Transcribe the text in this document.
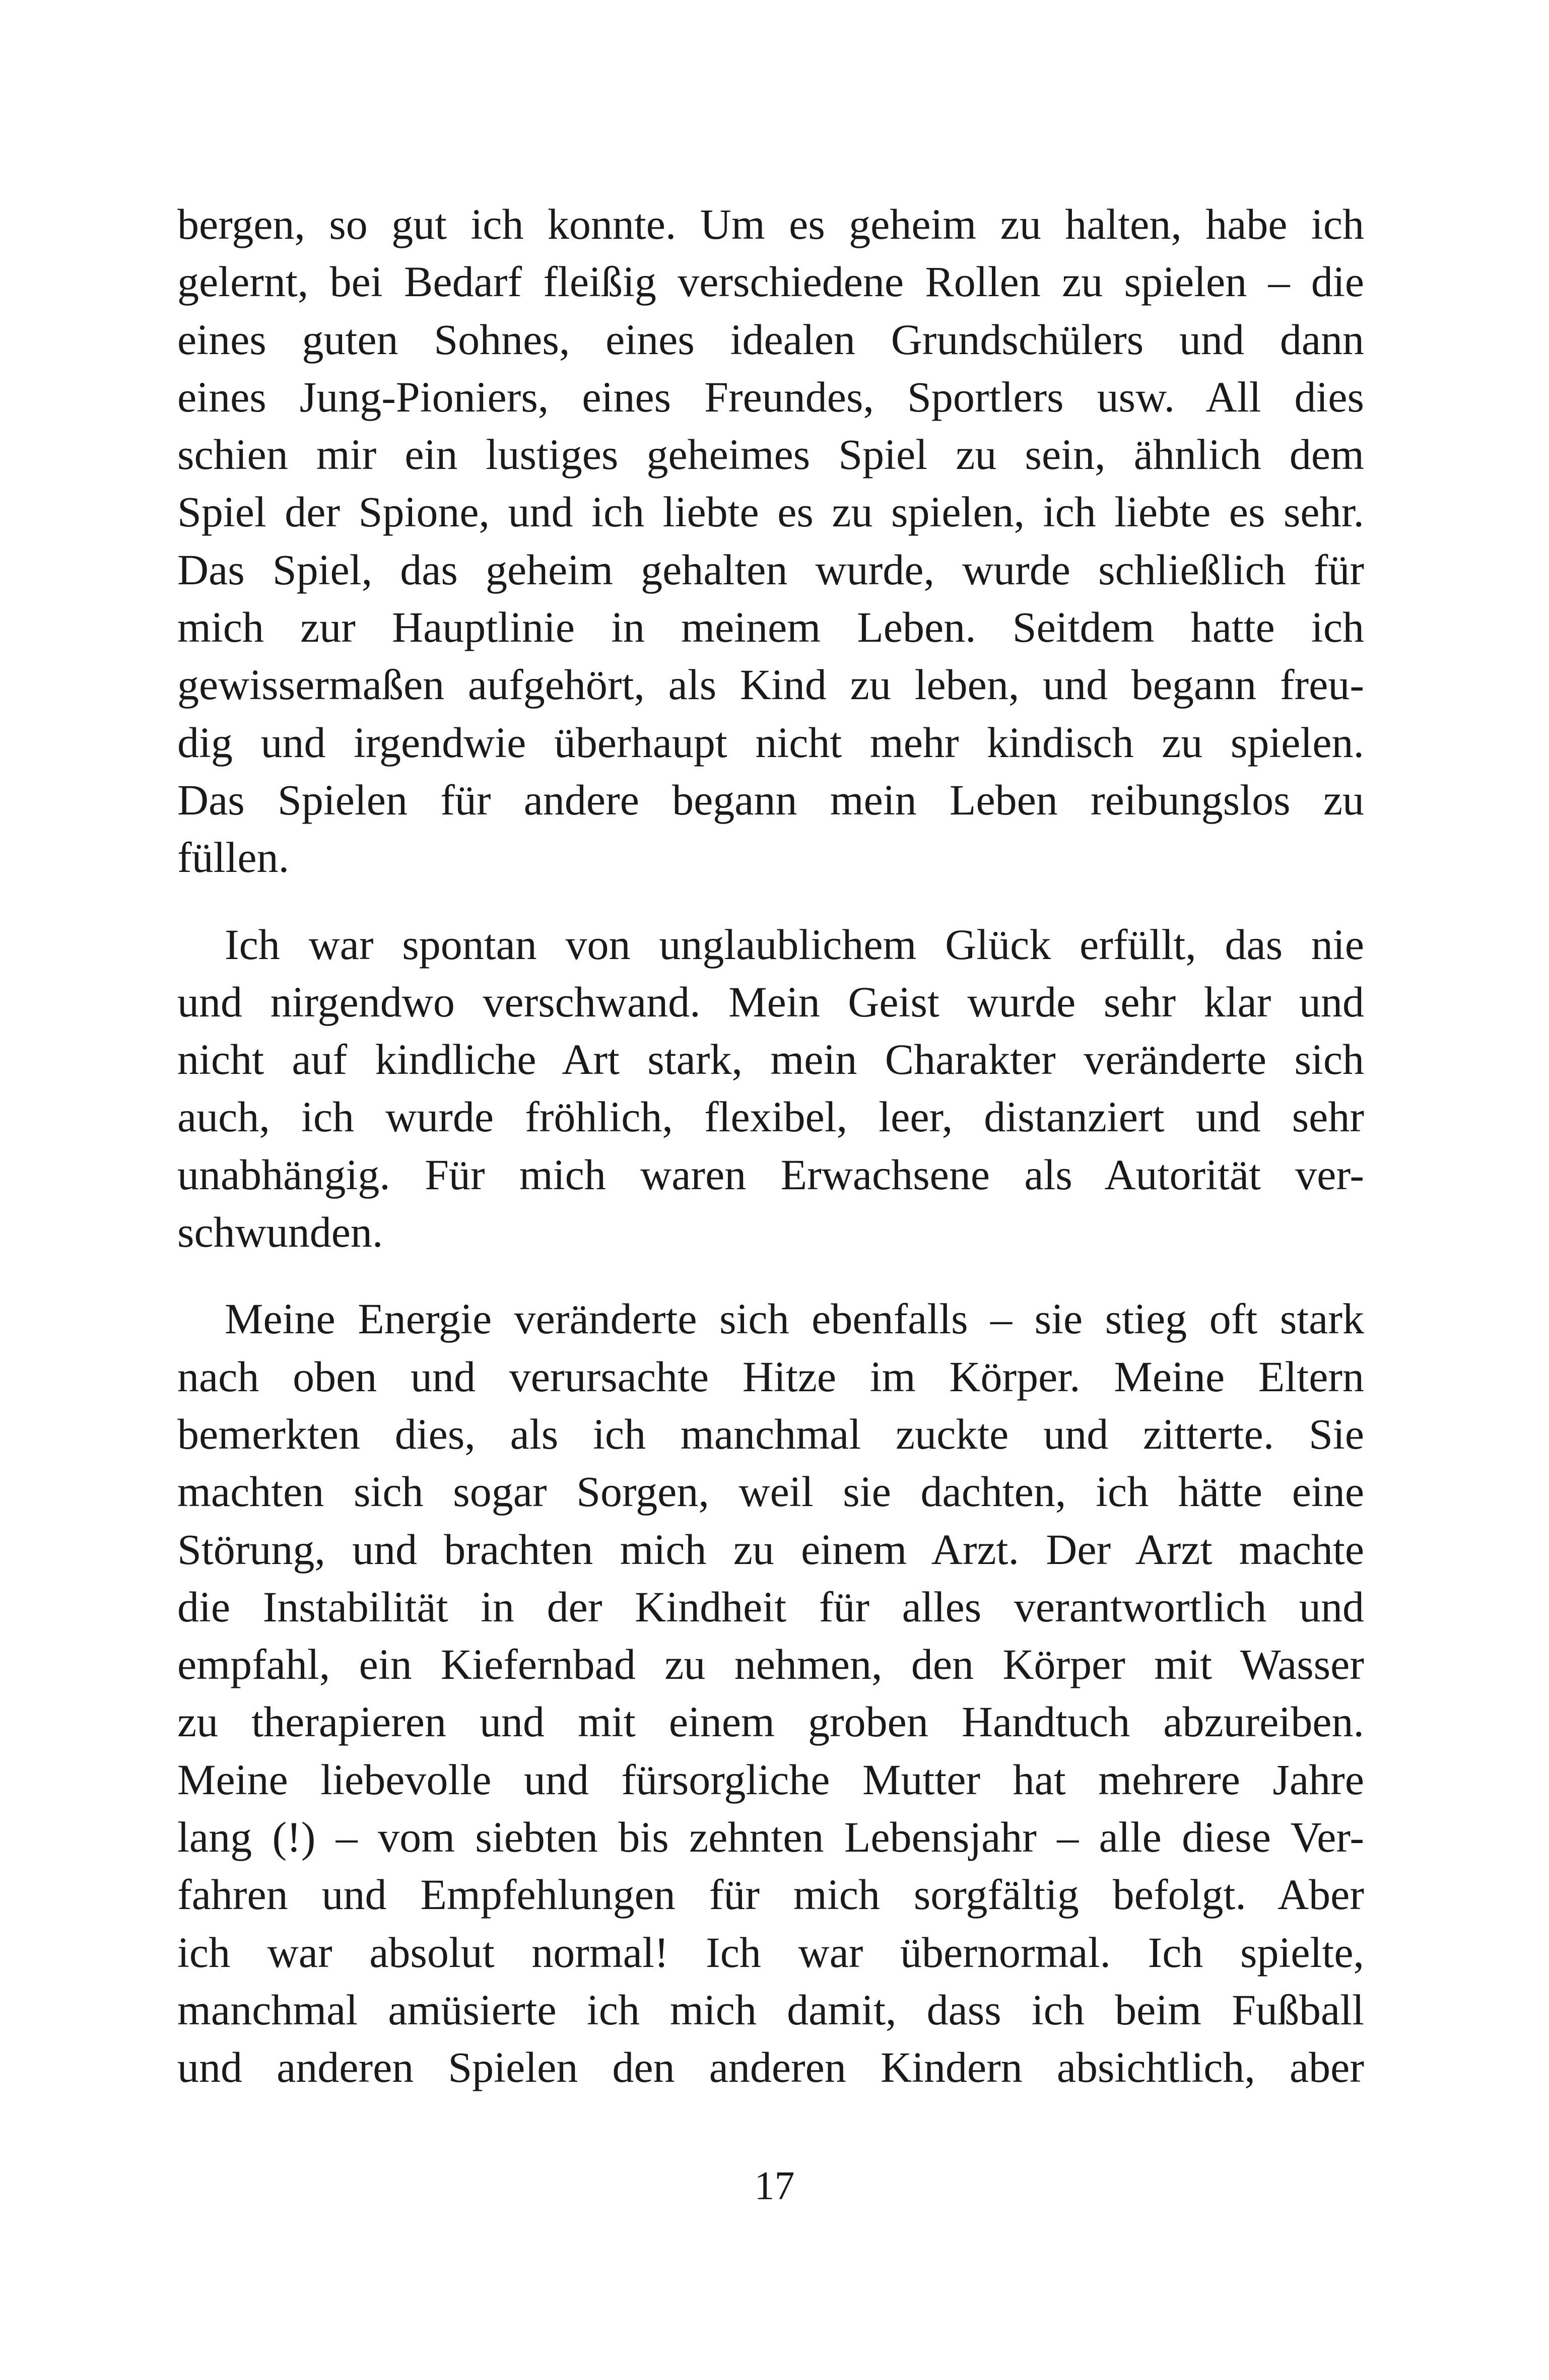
bergen, so gut ich konnte. Um es geheim zu halten, habe ich
gelernt, bei Bedarf fleißig verschiedene Rollen zu spielen – die
eines guten Sohnes, eines idealen Grundschülers und dann
eines Jung-Pioniers, eines Freundes, Sportlers usw. All dies
schien mir ein lustiges geheimes Spiel zu sein, ähnlich dem
Spiel der Spione, und ich liebte es zu spielen, ich liebte es sehr.
Das Spiel, das geheim gehalten wurde, wurde schließlich für
mich zur Hauptlinie in meinem Leben. Seitdem hatte ich
gewissermaßen aufgehört, als Kind zu leben, und begann freu-
dig und irgendwie überhaupt nicht mehr kindisch zu spielen.
Das Spielen für andere begann mein Leben reibungslos zu
füllen.
Ich war spontan von unglaublichem Glück erfüllt, das nie
und nirgendwo verschwand. Mein Geist wurde sehr klar und
nicht auf kindliche Art stark, mein Charakter veränderte sich
auch, ich wurde fröhlich, flexibel, leer, distanziert und sehr
unabhängig. Für mich waren Erwachsene als Autorität ver-
schwunden.
Meine Energie veränderte sich ebenfalls – sie stieg oft stark
nach oben und verursachte Hitze im Körper. Meine Eltern
bemerkten dies, als ich manchmal zuckte und zitterte. Sie
machten sich sogar Sorgen, weil sie dachten, ich hätte eine
Störung, und brachten mich zu einem Arzt. Der Arzt machte
die Instabilität in der Kindheit für alles verantwortlich und
empfahl, ein Kiefernbad zu nehmen, den Körper mit Wasser
zu therapieren und mit einem groben Handtuch abzureiben.
Meine liebevolle und fürsorgliche Mutter hat mehrere Jahre
lang (!) – vom siebten bis zehnten Lebensjahr – alle diese Ver-
fahren und Empfehlungen für mich sorgfältig befolgt. Aber
ich war absolut normal! Ich war übernormal. Ich spielte,
manchmal amüsierte ich mich damit, dass ich beim Fußball
und anderen Spielen den anderen Kindern absichtlich, aber
17
